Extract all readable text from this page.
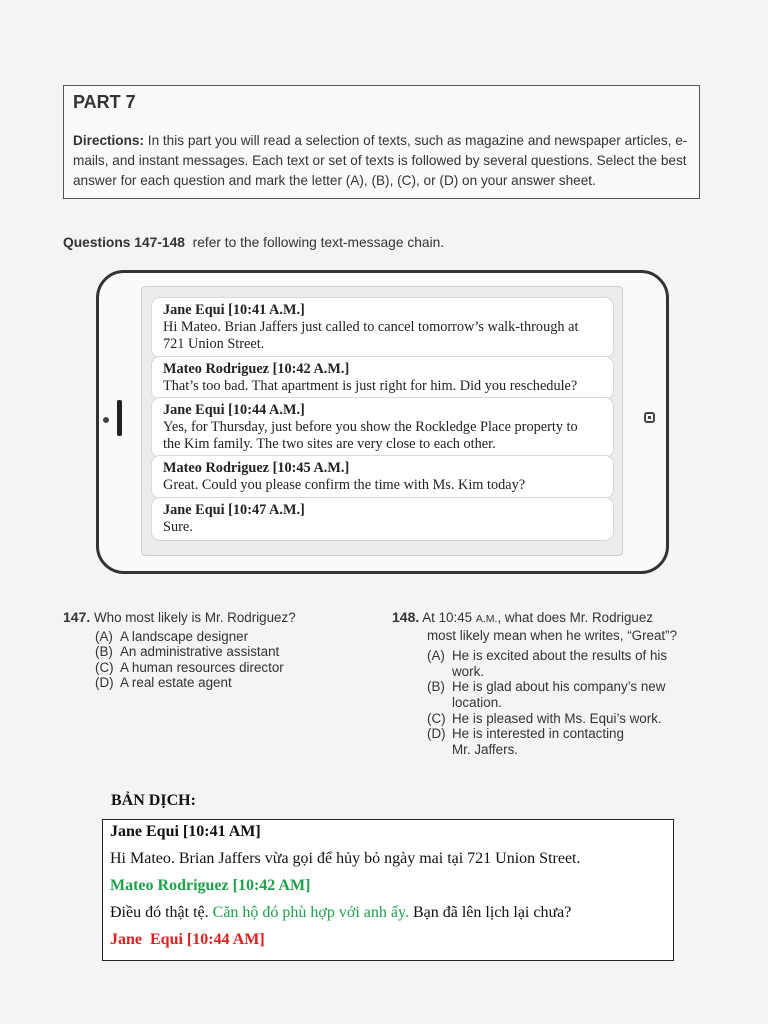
PART 7
Directions: In this part you will read a selection of texts, such as magazine and newspaper articles, e-mails, and instant messages. Each text or set of texts is followed by several questions. Select the best answer for each question and mark the letter (A), (B), (C), or (D) on your answer sheet.
Questions 147-148  refer to the following text-message chain.
Jane Equi [10:41 A.M.]
Hi Mateo. Brian Jaffers just called to cancel tomorrow’s walk-through at
721 Union Street.
Mateo Rodriguez [10:42 A.M.]
That’s too bad. That apartment is just right for him. Did you reschedule?
Jane Equi [10:44 A.M.]
Yes, for Thursday, just before you show the Rockledge Place property to
the Kim family. The two sites are very close to each other.
Mateo Rodriguez [10:45 A.M.]
Great. Could you please confirm the time with Ms. Kim today?
Jane Equi [10:47 A.M.]
Sure.
147. Who most likely is Mr. Rodriguez?
(A) A landscape designer
(B) An administrative assistant
(C) A human resources director
(D) A real estate agent
148. At 10:45 A.M., what does Mr. Rodriguez
most likely mean when he writes, “Great”?
(A) He is excited about the results of his
work.
(B) He is glad about his company’s new
location.
(C) He is pleased with Ms. Equi’s work.
(D) He is interested in contacting
Mr. Jaffers.
BẢN DỊCH:
Jane Equi [10:41 AM]
Hi Mateo. Brian Jaffers vừa gọi để hủy bỏ ngày mai tại 721 Union Street.
Mateo Rodriguez [10:42 AM]
Điều đó thật tệ. Căn hộ đó phù hợp với anh ấy. Bạn đã lên lịch lại chưa?
Jane  Equi [10:44 AM]
